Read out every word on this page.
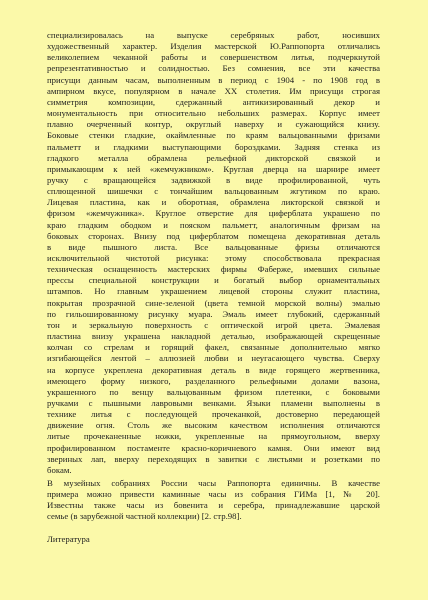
специализировалась на выпуске серебряных работ, носивших
художественный характер. Изделия мастерской Ю.Раппопорта отличались
великолепием чеканной работы и совершенством литья, подчеркнутой
репрезентативностью и солидностью. Без сомнения, все эти качества
присущи данным часам, выполненным в период с 1904 - по 1908 год в
ампирном вкусе, популярном в начале XX столетия. Им присущи строгая
симметрия композиции, сдержанный антикизированный декор и
монументальность при относительно небольших размерах. Корпус имеет
плавно очерченный контур, округлый наверху и сужающийся книзу.
Боковые стенки гладкие, окаймленные по краям вальцованными фризами
пальметт и гладкими выступающими бороздками. Задняя стенка из
гладкого металла обрамлена рельефной дикторской связкой и
примыкающим к ней «жемчужником». Круглая дверца на шарнире имеет
ручку с вращающейся задвижкой в виде профилированной, чуть
сплющенной шишечки с тончайшим вальцованным жгутиком по краю.
Лицевая пластина, как и оборотная, обрамлена ликторской связкой и
фризом «жемчужника». Круглое отверстие для циферблата украшено по
краю гладким ободком и пояском пальметт, аналогичным фризам на
боковых сторонах. Внизу под циферблатом помещена декоративная деталь
в виде пышного листа. Все вальцованные фризы отличаются
исключительной чистотой рисунка: этому способствовала прекрасная
техническая оснащенность мастерских фирмы Фаберже, имевших сильные
прессы специальной конструкции и богатый выбор орнаментальных
штампов. Но главным украшением лицевой стороны служит пластина,
покрытая прозрачной сине-зеленой (цвета темной морской волны) эмалью
по гильошированному рисунку муара. Эмаль имеет глубокий, сдержанный
тон и зеркальную поверхность с оптической игрой цвета. Эмалевая
пластина внизу украшена накладной деталью, изображающей скрещенные
колчан со стрелам и горящий факел, связанные дополнительно мягко
изгибающейся лентой – аллюзией любви и неугасающего чувства. Сверху
на корпусе укреплена декоративная деталь в виде горящего жертвенника,
имеющего форму низкого, разделанного рельефными долами вазона,
украшенного по венцу вальцованным фризом плетенки, с боковыми
ручками с пышными лавровыми венками. Языки пламени выполнены в
технике литья с последующей прочеканкой, достоверно передающей
движение огня. Столь же высоким качеством исполнения отличаются
литые прочеканенные ножки, укрепленные на прямоугольном, вверху
профилированном постаменте красно-коричневого камня. Они имеют вид
звериных лап, вверху переходящих в завитки с листьями и розетками по
бокам.
В музейных собраниях России часы Раппопорта единичны. В качестве
примера можно привести каминные часы из собрания ГИМа [1, № 20].
Известны также часы из бовенита и серебра, принадлежавшие царской
семье (в зарубежной частной коллекции) [2. стр.98].
Литература
